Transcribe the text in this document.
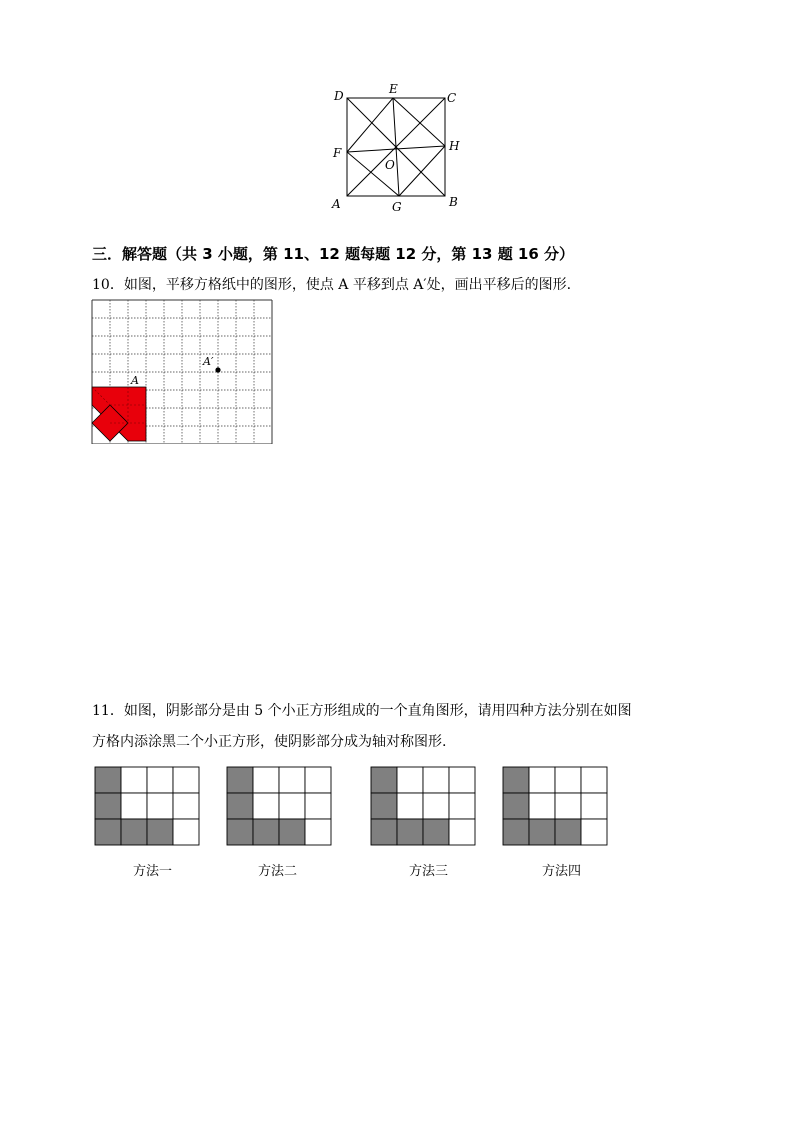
D	E
C
F	H
O
A	G	B
三．解答题（共 3 小题，第 11、12 题每题 12 分，第 13 题 16 分）
10．如图，平移方格纸中的图形，使点 A 平移到点 A′处，画出平移后的图形.
A
A′
11．如图，阴影部分是由 5 个小正方形组成的一个直角图形，请用四种方法分别在如图
方格内添涂黑二个小正方形，使阴影部分成为轴对称图形.
方法一	方法二	方法三	方法四
